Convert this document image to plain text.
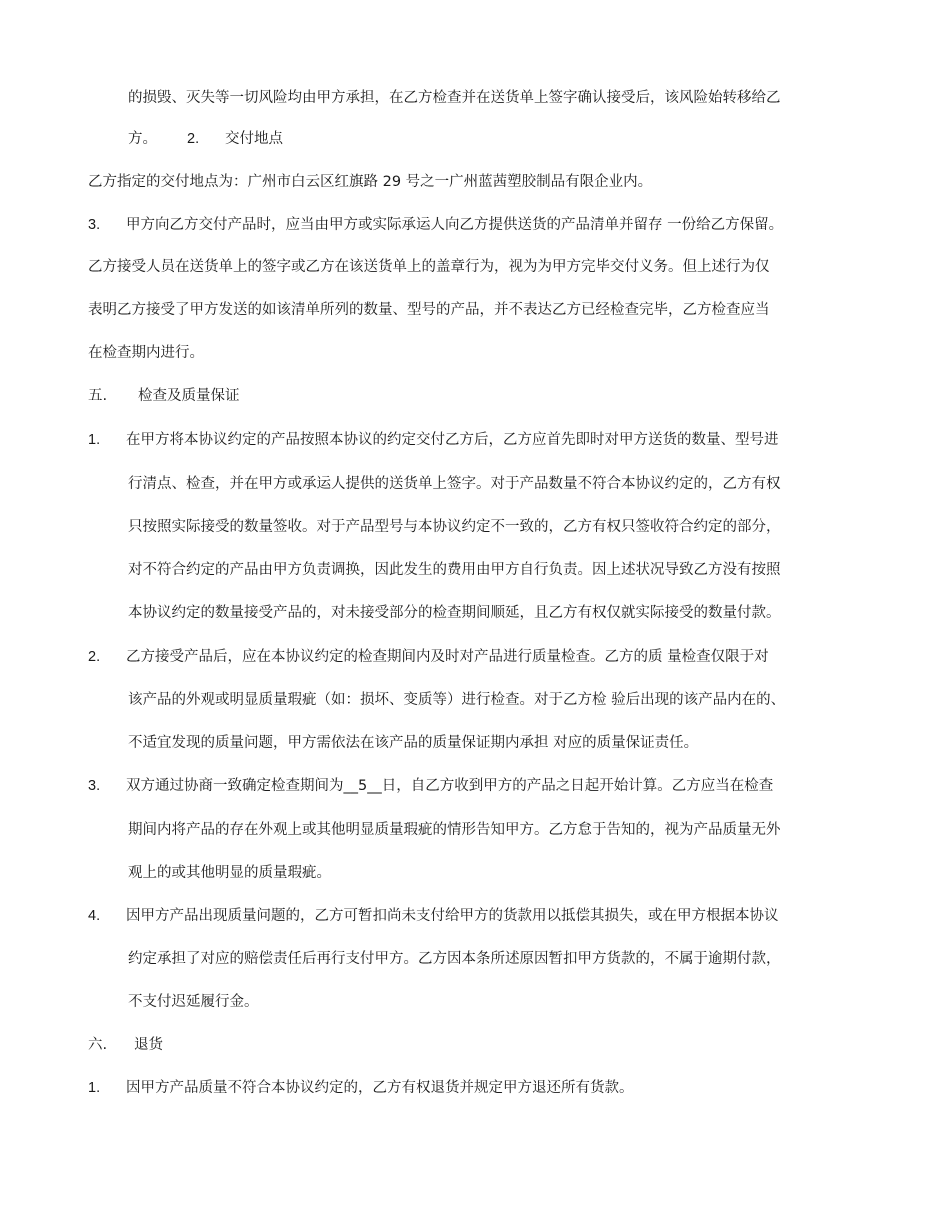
的损毁、灭失等一切风险均由甲方承担，在乙方检查并在送货单上签字确认接受后，该风险始转移给乙
方。 2. 交付地点
乙方指定的交付地点为：广州市白云区红旗路 29 号之一广州蓝茜塑胶制品有限企业内。
3. 甲方向乙方交付产品时，应当由甲方或实际承运人向乙方提供送货的产品清单并留存 一份给乙方保留。
乙方接受人员在送货单上的签字或乙方在该送货单上的盖章行为，视为为甲方完毕交付义务。但上述行为仅
表明乙方接受了甲方发送的如该清单所列的数量、型号的产品，并不表达乙方已经检查完毕，乙方检查应当
在检查期内进行。
五. 检查及质量保证
1. 在甲方将本协议约定的产品按照本协议的约定交付乙方后，乙方应首先即时对甲方送货的数量、型号进
行清点、检查，并在甲方或承运人提供的送货单上签字。对于产品数量不符合本协议约定的，乙方有权
只按照实际接受的数量签收。对于产品型号与本协议约定不一致的，乙方有权只签收符合约定的部分，
对不符合约定的产品由甲方负责调换，因此发生的费用由甲方自行负责。因上述状况导致乙方没有按照
本协议约定的数量接受产品的，对未接受部分的检查期间顺延，且乙方有权仅就实际接受的数量付款。
2. 乙方接受产品后，应在本协议约定的检查期间内及时对产品进行质量检查。乙方的质 量检查仅限于对
该产品的外观或明显质量瑕疵（如：损坏、变质等）进行检查。对于乙方检 验后出现的该产品内在的、
不适宜发现的质量问题，甲方需依法在该产品的质量保证期内承担 对应的质量保证责任。
3. 双方通过协商一致确定检查期间为__5__日，自乙方收到甲方的产品之日起开始计算。乙方应当在检查
期间内将产品的存在外观上或其他明显质量瑕疵的情形告知甲方。乙方怠于告知的，视为产品质量无外
观上的或其他明显的质量瑕疵。
4. 因甲方产品出现质量问题的，乙方可暂扣尚未支付给甲方的货款用以抵偿其损失，或在甲方根据本协议
约定承担了对应的赔偿责任后再行支付甲方。乙方因本条所述原因暂扣甲方货款的，不属于逾期付款，
不支付迟延履行金。
六. 退货
1. 因甲方产品质量不符合本协议约定的，乙方有权退货并规定甲方退还所有货款。
